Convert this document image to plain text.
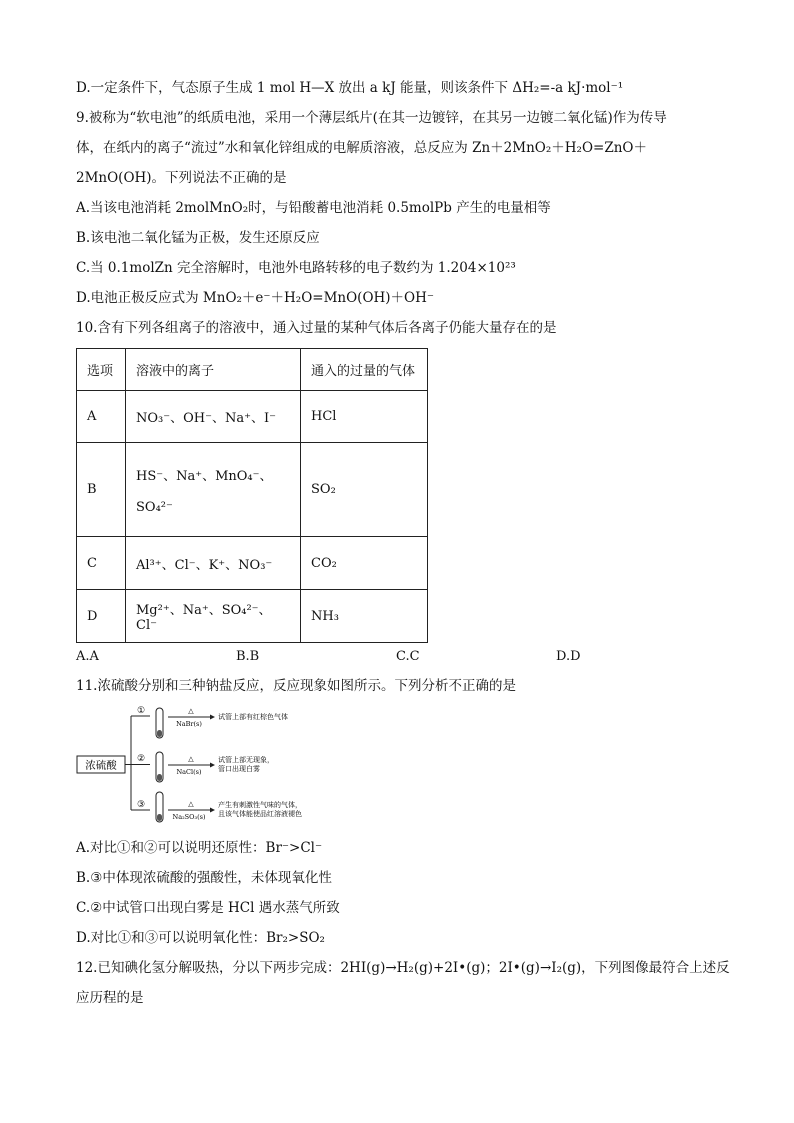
D.一定条件下，气态原子生成 1 mol H—X 放出 a kJ 能量，则该条件下 ΔH₂=-a kJ·mol⁻¹

9.被称为“软电池”的纸质电池，采用一个薄层纸片(在其一边镀锌，在其另一边镀二氧化锰)作为传导

体，在纸内的离子“流过”水和氧化锌组成的电解质溶液，总反应为 Zn＋2MnO₂＋H₂O=ZnO＋

2MnO(OH)。下列说法不正确的是

A.当该电池消耗 2molMnO₂时，与铅酸蓄电池消耗 0.5molPb 产生的电量相等

B.该电池二氧化锰为正极，发生还原反应

C.当 0.1molZn 完全溶解时，电池外电路转移的电子数约为 1.204×10²³

D.电池正极反应式为 MnO₂＋e⁻＋H₂O=MnO(OH)＋OH⁻

10.含有下列各组离子的溶液中，通入过量的某种气体后各离子仍能大量存在的是

选项	溶液中的离子	通入的过量的气体
A	NO₃⁻、OH⁻、Na⁺、I⁻	HCl
B	HS⁻、Na⁺、MnO₄⁻、
SO₄²⁻	SO₂
C	Al³⁺、Cl⁻、K⁺、NO₃⁻	CO₂
D	Mg²⁺、Na⁺、SO₄²⁻、Cl⁻	NH₃
A.A	B.B	C.C	D.D

11.浓硫酸分别和三种钠盐反应，反应现象如图所示。下列分析不正确的是

浓硫酸
①	△
NaBr(s)
试管上部有红棕色气体
②	△
NaCl(s)
试管上部无现象，
管口出现白雾
③	△
Na₂SO₃(s)
产生有刺激性气味的气体，
且该气体能使品红溶液褪色

A.对比①和②可以说明还原性：Br⁻>Cl⁻

B.③中体现浓硫酸的强酸性，未体现氧化性

C.②中试管口出现白雾是 HCl 遇水蒸气所致

D.对比①和③可以说明氧化性：Br₂>SO₂

12.已知碘化氢分解吸热，分以下两步完成：2HI(g)→H₂(g)+2I•(g)；2I•(g)→I₂(g)，下列图像最符合上述反

应历程的是
